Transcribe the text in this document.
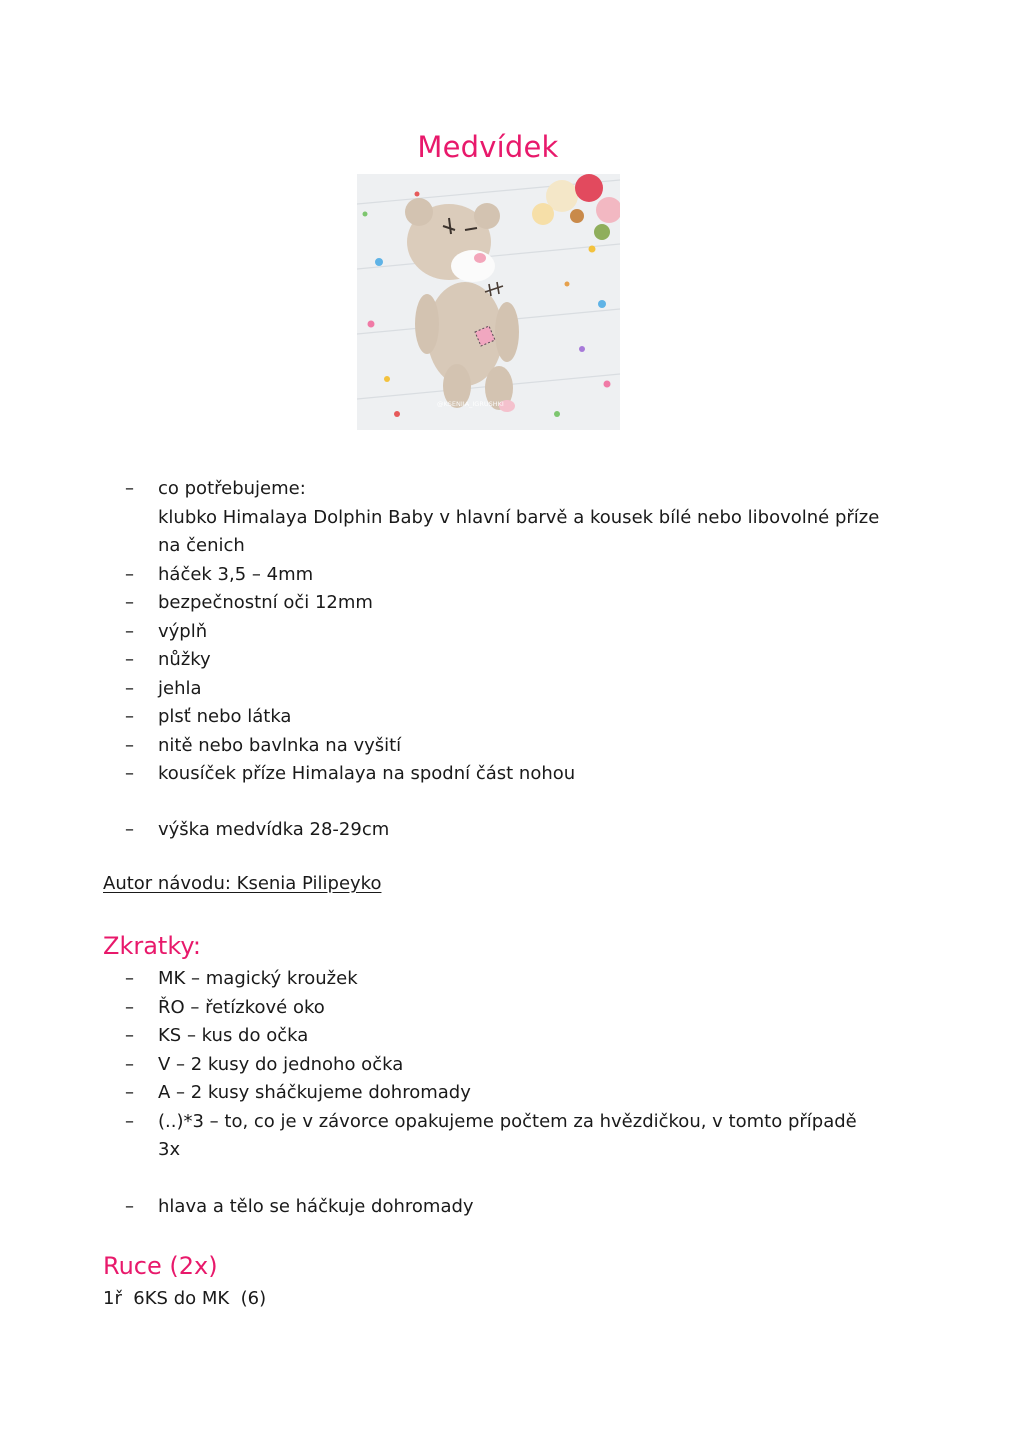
Medvídek
@KSENIIA_IGRUSHKI
– co potřebujeme:
klubko Himalaya Dolphin Baby v hlavní barvě a kousek bílé nebo libovolné příze
na čenich
– háček 3,5 – 4mm
– bezpečnostní oči 12mm
– výplň
– nůžky
– jehla
– plsť nebo látka
– nitě nebo bavlnka na vyšití
– kousíček příze Himalaya na spodní část nohou
– výška medvídka 28-29cm
Autor návodu: Ksenia Pilipeyko
Zkratky:
– MK – magický kroužek
– ŘO – řetízkové oko
– KS – kus do očka
– V – 2 kusy do jednoho očka
– A – 2 kusy sháčkujeme dohromady
– (..)*3 – to, co je v závorce opakujeme počtem za hvězdičkou, v tomto případě
3x
– hlava a tělo se háčkuje dohromady
Ruce (2x)
1ř  6KS do MK  (6)
